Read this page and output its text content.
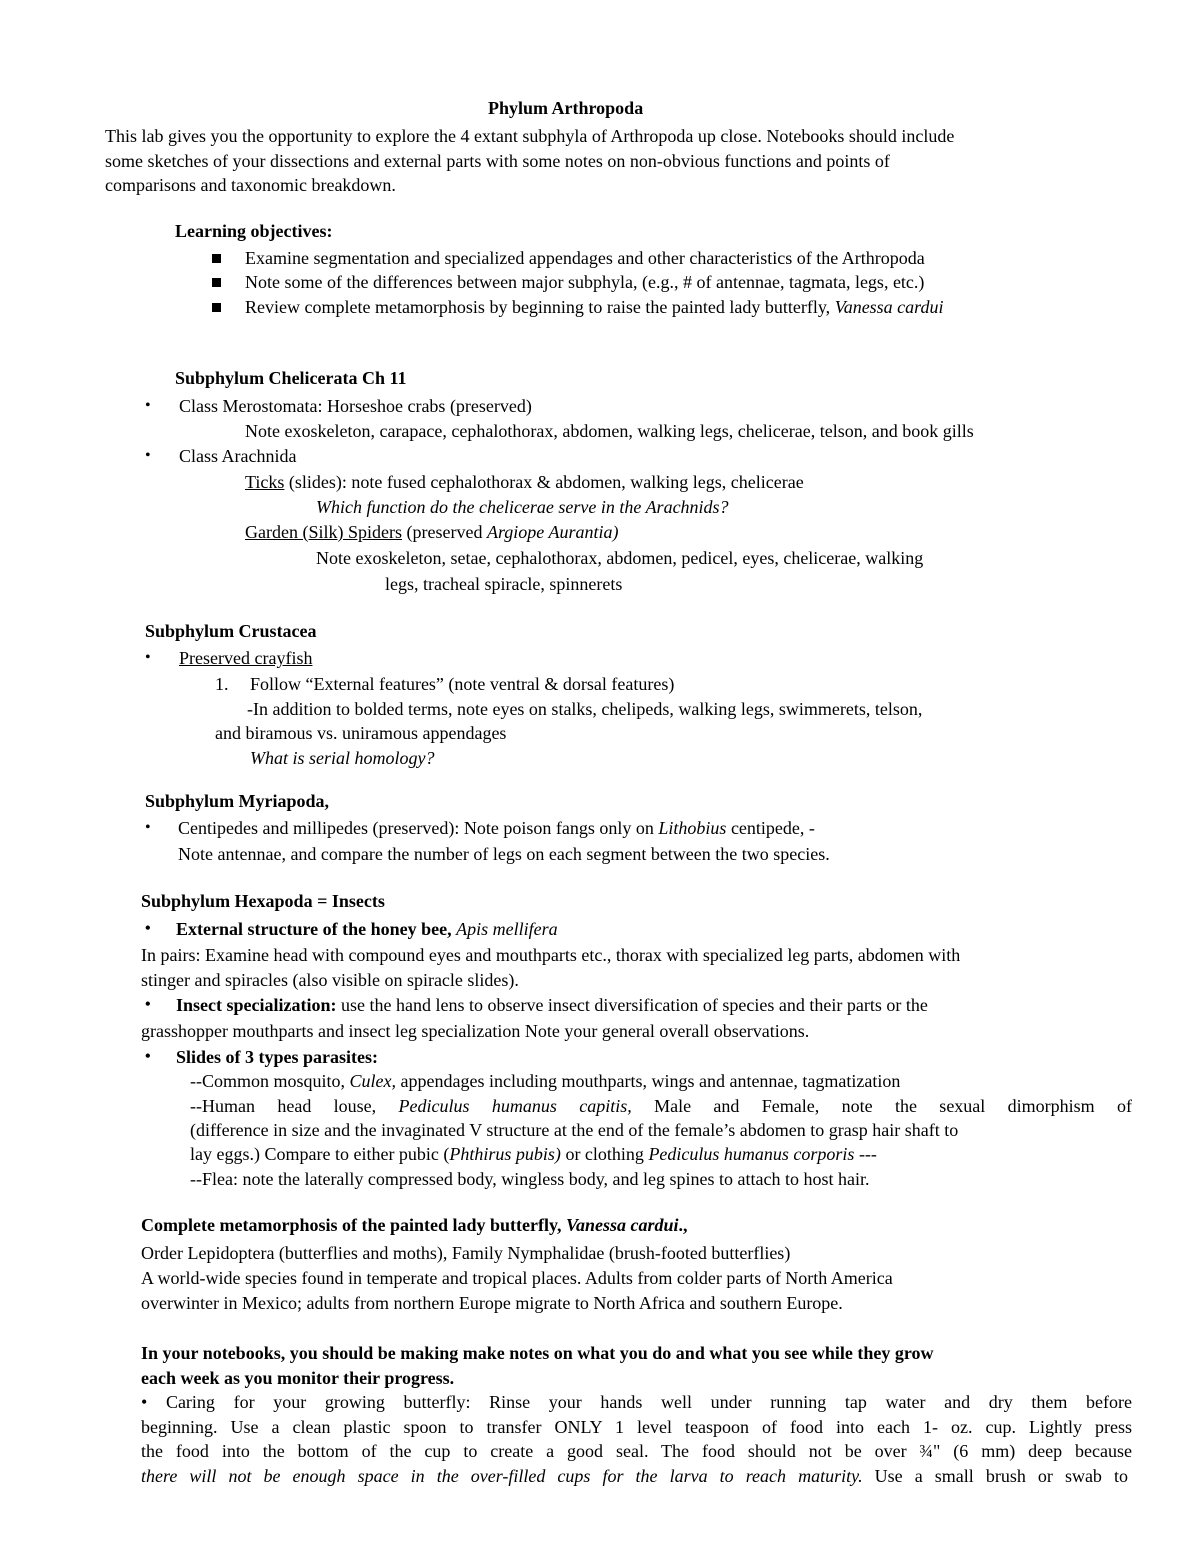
Phylum Arthropoda
This lab gives you the opportunity to explore the 4 extant subphyla of Arthropoda up close. Notebooks should include
some sketches of your dissections and external parts with some notes on non-obvious functions and points of
comparisons and taxonomic breakdown.
Learning objectives:
Examine segmentation and specialized appendages and other characteristics of the Arthropoda
Note some of the differences between major subphyla, (e.g., # of antennae, tagmata, legs, etc.)
Review complete metamorphosis by beginning to raise the painted lady butterfly, Vanessa cardui
Subphylum Chelicerata Ch 11
• Class Merostomata: Horseshoe crabs (preserved)
Note exoskeleton, carapace, cephalothorax, abdomen, walking legs, chelicerae, telson, and book gills
• Class Arachnida
Ticks (slides): note fused cephalothorax & abdomen, walking legs, chelicerae
Which function do the chelicerae serve in the Arachnids?
Garden (Silk) Spiders (preserved Argiope Aurantia)
Note exoskeleton, setae, cephalothorax, abdomen, pedicel, eyes, chelicerae, walking
legs, tracheal spiracle, spinnerets
Subphylum Crustacea
• Preserved crayfish
1. Follow “External features” (note ventral & dorsal features)
-In addition to bolded terms, note eyes on stalks, chelipeds, walking legs, swimmerets, telson,
and biramous vs. uniramous appendages
What is serial homology?
Subphylum Myriapoda,
• Centipedes and millipedes (preserved): Note poison fangs only on Lithobius centipede, -
Note antennae, and compare the number of legs on each segment between the two species.
Subphylum Hexapoda = Insects
• External structure of the honey bee, Apis mellifera
In pairs: Examine head with compound eyes and mouthparts etc., thorax with specialized leg parts, abdomen with
stinger and spiracles (also visible on spiracle slides).
• Insect specialization: use the hand lens to observe insect diversification of species and their parts or the
grasshopper mouthparts and insect leg specialization Note your general overall observations.
• Slides of 3 types parasites:
--Common mosquito, Culex, appendages including mouthparts, wings and antennae, tagmatization
--Human head louse, Pediculus humanus capitis, Male and Female, note the sexual dimorphism of
(difference in size and the invaginated V structure at the end of the female’s abdomen to grasp hair shaft to
lay eggs.) Compare to either pubic (Phthirus pubis) or clothing Pediculus humanus corporis ---
--Flea: note the laterally compressed body, wingless body, and leg spines to attach to host hair.
Complete metamorphosis of the painted lady butterfly, Vanessa cardui.,
Order Lepidoptera (butterflies and moths), Family Nymphalidae (brush-footed butterflies)
A world-wide species found in temperate and tropical places. Adults from colder parts of North America
overwinter in Mexico; adults from northern Europe migrate to North Africa and southern Europe.
In your notebooks, you should be making make notes on what you do and what you see while they grow
each week as you monitor their progress.
• Caring for your growing butterfly: Rinse your hands well under running tap water and dry them before
beginning. Use a clean plastic spoon to transfer ONLY 1 level teaspoon of food into each 1- oz. cup. Lightly press
the food into the bottom of the cup to create a good seal. The food should not be over ¾" (6 mm) deep because
there will not be enough space in the over-filled cups for the larva to reach maturity. Use a small brush or swab to
